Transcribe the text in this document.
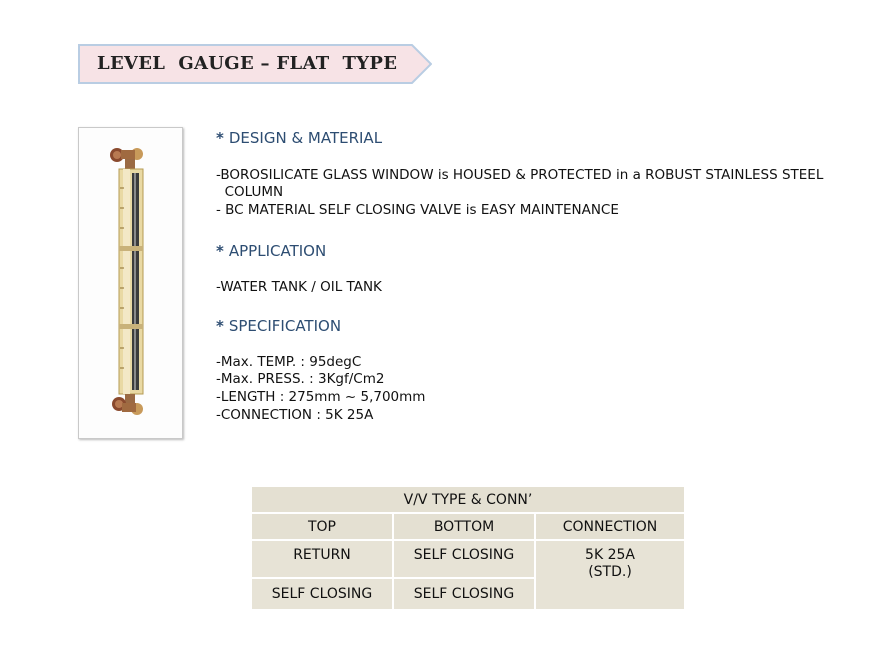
LEVEL  GAUGE – FLAT  TYPE
* DESIGN & MATERIAL
-BOROSILICATE GLASS WINDOW is HOUSED & PROTECTED in a ROBUST STAINLESS STEEL
COLUMN
- BC MATERIAL SELF CLOSING VALVE is EASY MAINTENANCE
* APPLICATION
-WATER TANK / OIL TANK
* SPECIFICATION
-Max. TEMP. : 95degC
-Max. PRESS. : 3Kgf/Cm2
-LENGTH : 275mm ~ 5,700mm
-CONNECTION : 5K 25A
V/V TYPE & CONN’		
TOP	BOTTOM	CONNECTION
RETURN	SELF CLOSING	5K 25A
(STD.)

SELF CLOSING	SELF CLOSING	
